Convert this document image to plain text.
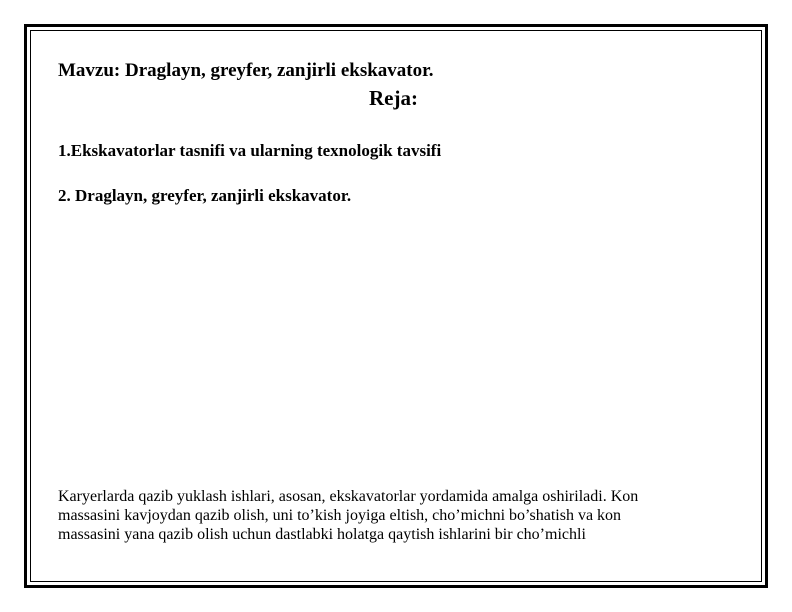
Mavzu: Draglayn, greyfer, zanjirli ekskavator.
Reja:
1.Ekskavatorlar tasnifi va ularning texnologik tavsifi
2. Draglayn, greyfer, zanjirli ekskavator.
Karyerlarda qazib yuklash ishlari, asosan, ekskavatorlar yordamida amalga oshiriladi. Kon
massasini kavjoydan qazib olish, uni to’kish joyiga eltish, cho’michni bo’shatish va kon
massasini yana qazib olish uchun dastlabki holatga qaytish ishlarini bir cho’michli
